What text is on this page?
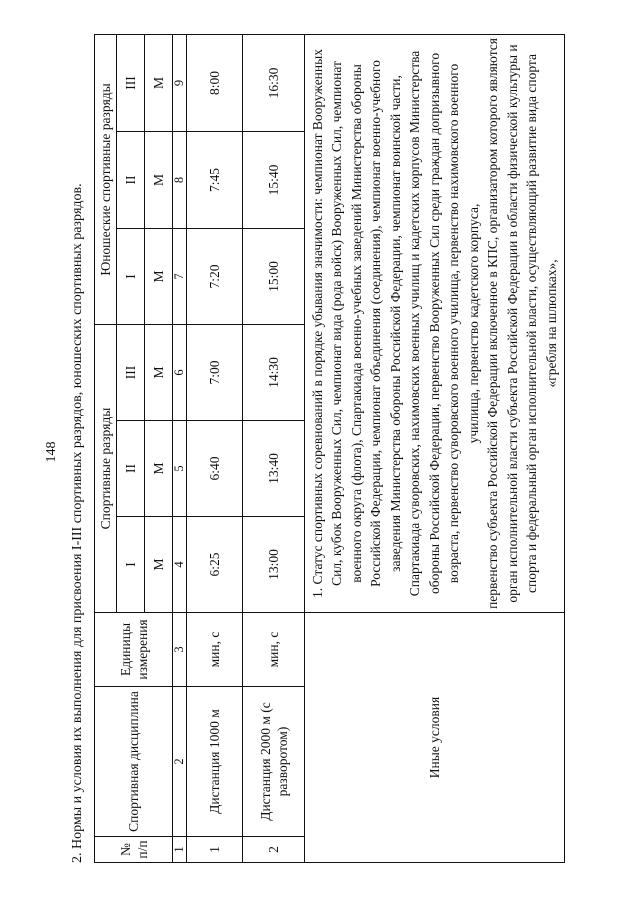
148 2. Нормы и условия их выполнения для присвоения I-III спортивных разрядов, юношеских спортивных разрядов. № п/п	Спортивная дисциплина	Единицы измерения	Спортивные разряды			Юношеские спортивные разряды		
			I	II	III	I	II	III
			М	М	М	М	М	М
1	2	3	4	5	6	7	8	9
1	Дистанция 1000 м	мин, с	6:25	6:40	7:00	7:20	7:45	8:00
2	Дистанция 2000 м (с разворотом)	мин, с	13:00	13:40	14:30	15:00	15:40	16:30
Иные условия			1. Статус спортивных соревнований в порядке убывания значимости: чемпионат Вооруженных Сил, кубок Вооруженных Сил, чемпионат вида (рода войск) Вооруженных Сил, чемпионат военного округа (флота), Спартакиада военно-учебных заведений Министерства обороны Российской Федерации, чемпионат объединения (соединения), чемпионат военно-учебного заведения Министерства обороны Российской Федерации, чемпионат воинской части, Спартакиада суворовских, нахимовских военных училищ и кадетских корпусов Министерства обороны Российской Федерации, первенство Вооруженных Сил среди граждан допризывного возраста, первенство суворовского военного училища, первенство нахимовского военного училища, первенство кадетского корпуса, первенство субъекта Российской Федерации включенное в КПС, организатором которого являются орган исполнительной власти субъекта Российской Федерации в области физической культуры и спорта и федеральный орган исполнительной власти, осуществляющий развитие вида спорта «гребля на шлюпках»,					
